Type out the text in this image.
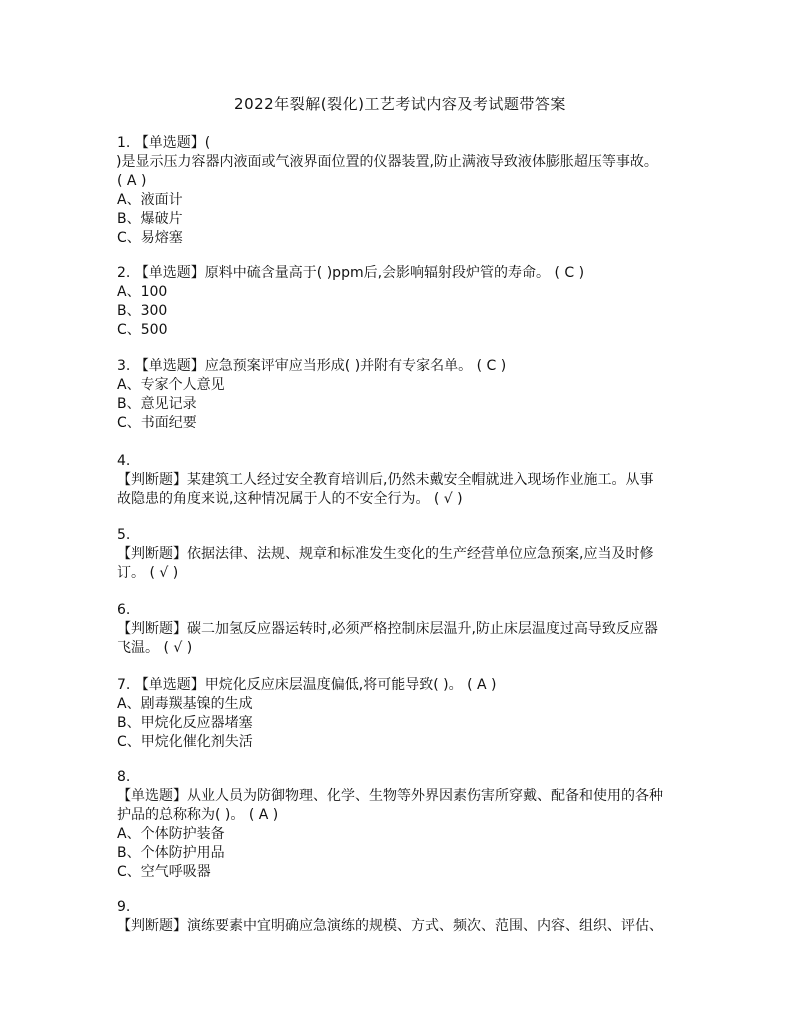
2022年裂解(裂化)工艺考试内容及考试题带答案
1. 【单选题】(
)是显示压力容器内液面或气液界面位置的仪器装置,防止满液导致液体膨胀超压等事故。
( A )
A、液面计
B、爆破片
C、易熔塞
2. 【单选题】原料中硫含量高于( )ppm后,会影响辐射段炉管的寿命。 ( C )
A、100
B、300
C、500
3. 【单选题】应急预案评审应当形成( )并附有专家名单。 ( C )
A、专家个人意见
B、意见记录
C、书面纪要
4.
【判断题】某建筑工人经过安全教育培训后,仍然未戴安全帽就进入现场作业施工。从事
故隐患的角度来说,这种情况属于人的不安全行为。 ( √ )
5.
【判断题】依据法律、法规、规章和标准发生变化的生产经营单位应急预案,应当及时修
订。 ( √ )
6.
【判断题】碳二加氢反应器运转时,必须严格控制床层温升,防止床层温度过高导致反应器
飞温。 ( √ )
7. 【单选题】甲烷化反应床层温度偏低,将可能导致( )。 ( A )
A、剧毒羰基镍的生成
B、甲烷化反应器堵塞
C、甲烷化催化剂失活
8.
【单选题】从业人员为防御物理、化学、生物等外界因素伤害所穿戴、配备和使用的各种
护品的总称称为( )。 ( A )
A、个体防护装备
B、个体防护用品
C、空气呼吸器
9.
【判断题】演练要素中宜明确应急演练的规模、方式、频次、范围、内容、组织、评估、
